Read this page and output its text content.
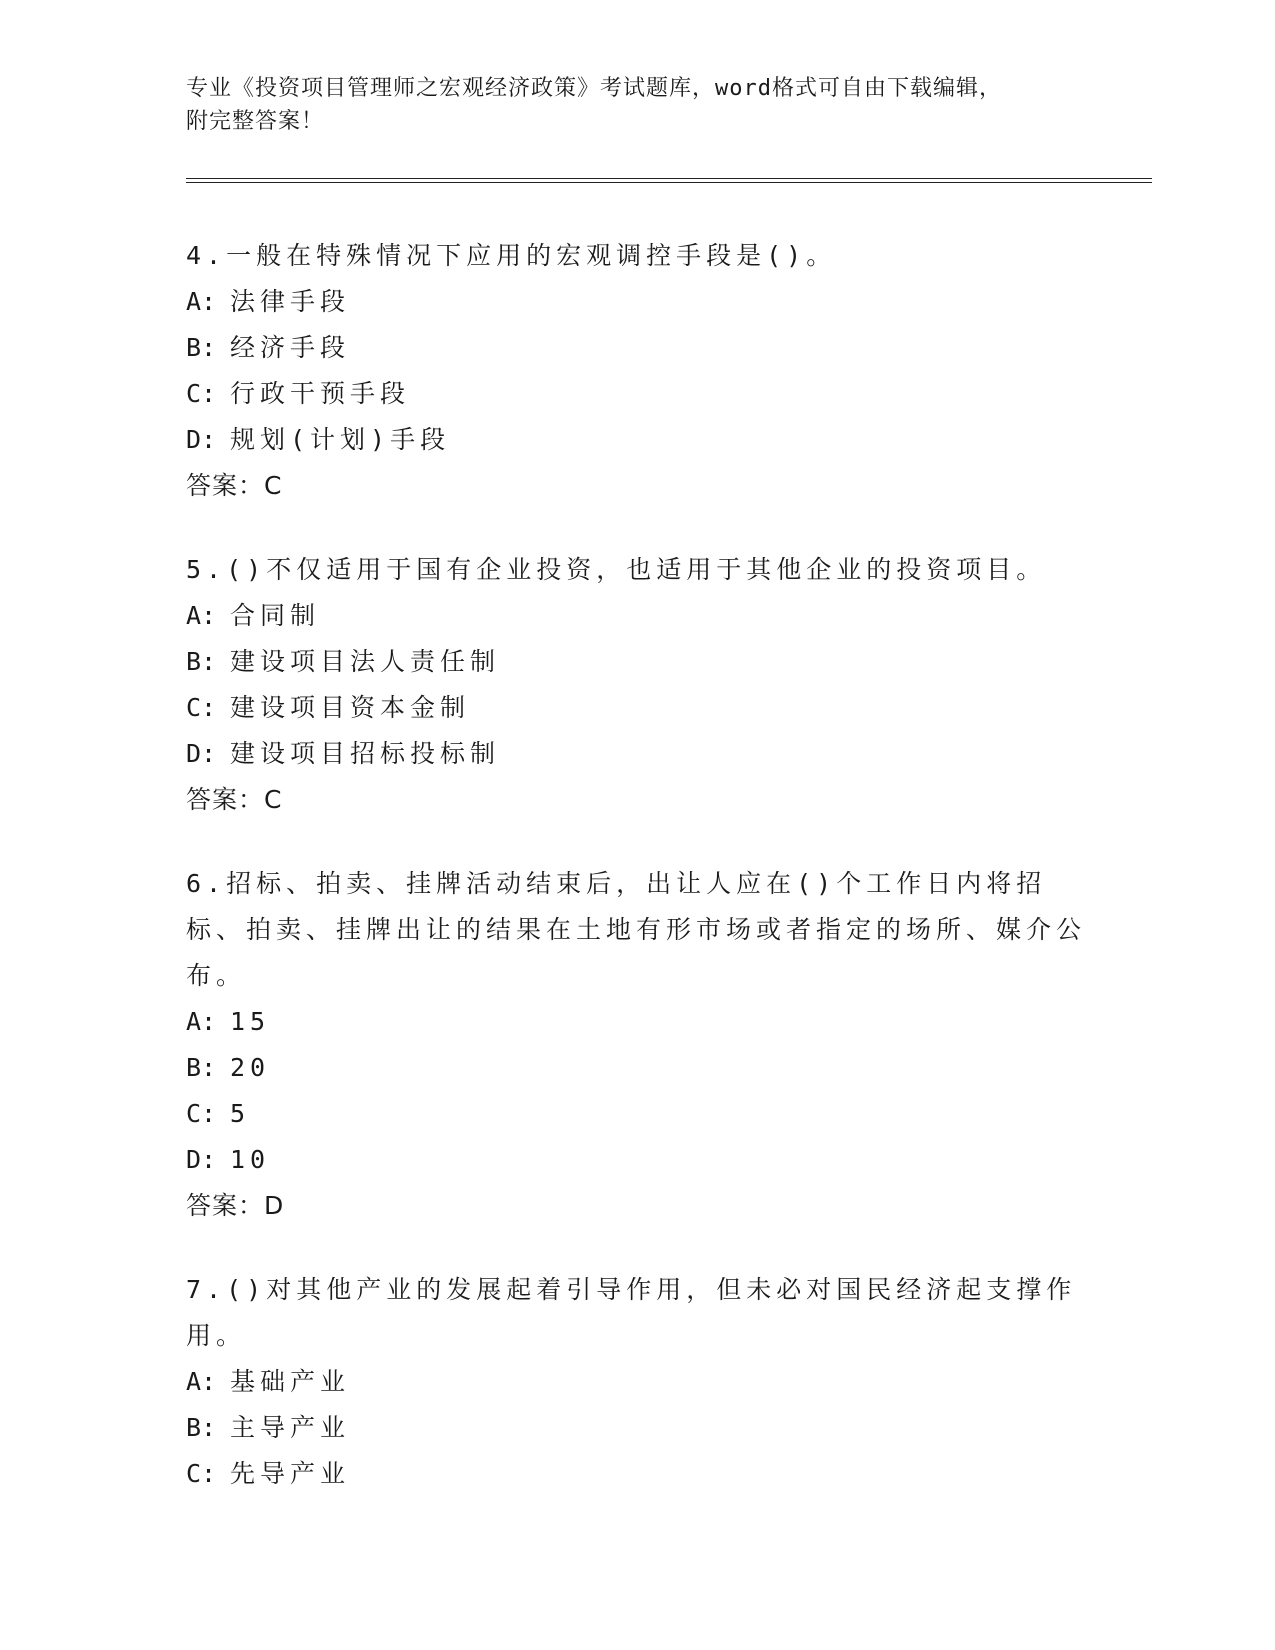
专业《投资项目管理师之宏观经济政策》考试题库，word格式可自由下载编辑，
附完整答案！
4.一般在特殊情况下应用的宏观调控手段是()。
A: 法律手段
B: 经济手段
C: 行政干预手段
D: 规划(计划)手段
答案：C
5.()不仅适用于国有企业投资，也适用于其他企业的投资项目。
A: 合同制
B: 建设项目法人责任制
C: 建设项目资本金制
D: 建设项目招标投标制
答案：C
6.招标、拍卖、挂牌活动结束后，出让人应在()个工作日内将招标、拍卖、挂牌出让的结果在土地有形市场或者指定的场所、媒介公布。
A: 15
B: 20
C: 5
D: 10
答案：D
7.()对其他产业的发展起着引导作用，但未必对国民经济起支撑作用。
A: 基础产业
B: 主导产业
C: 先导产业
